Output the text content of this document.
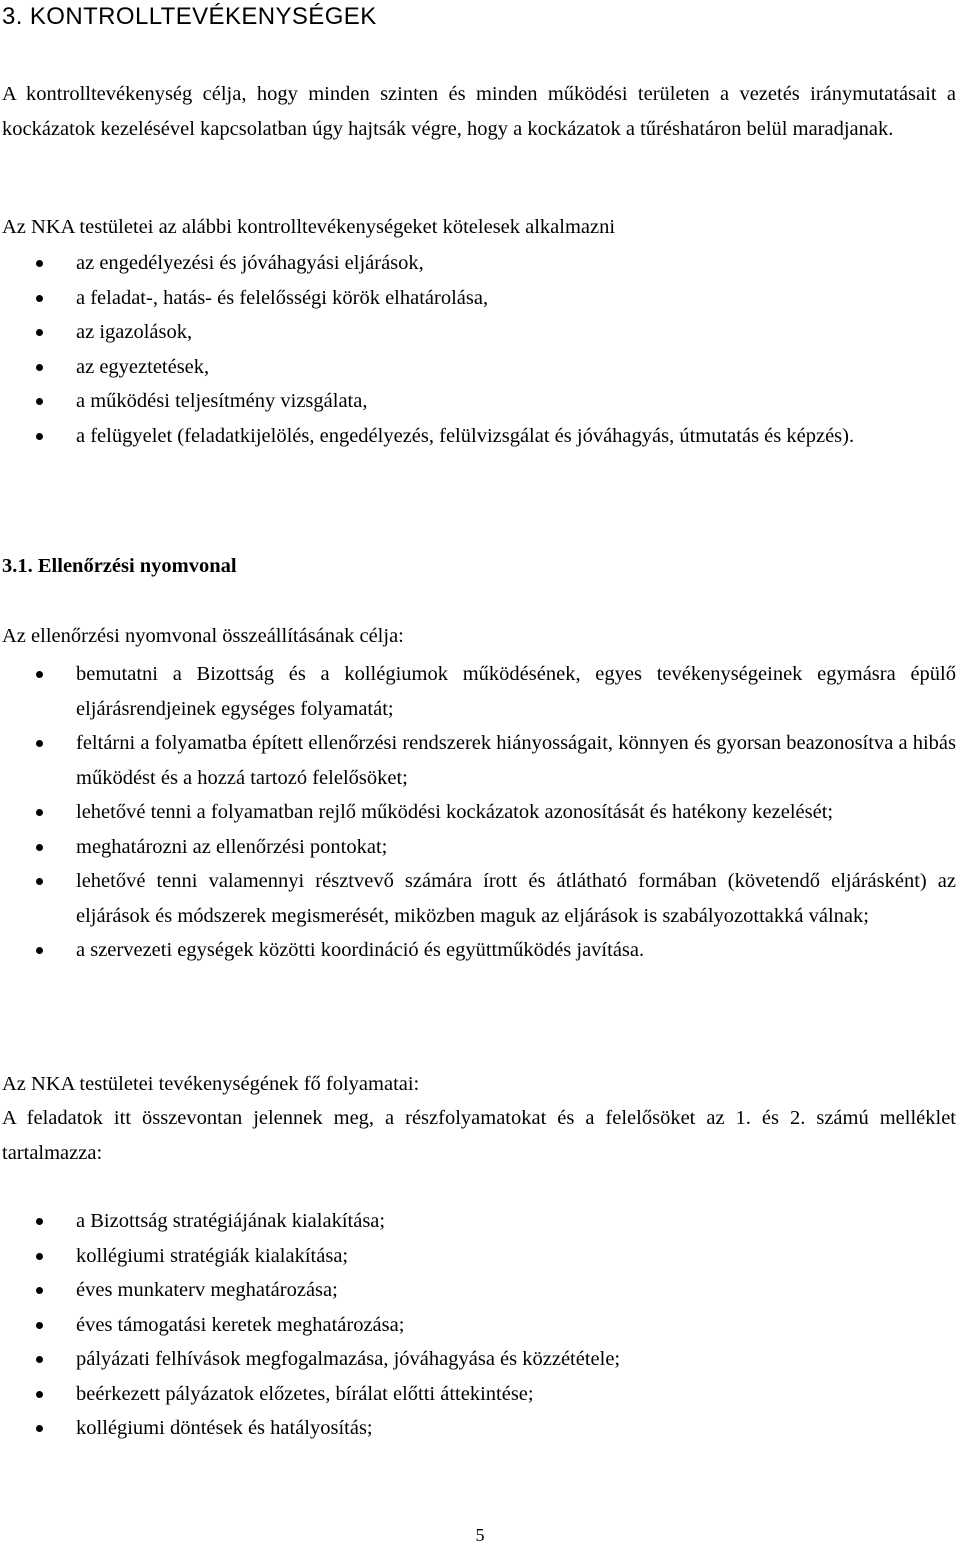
3. KONTROLLTEVÉKENYSÉGEK
A kontrolltevékenység célja, hogy minden szinten és minden működési területen a vezetés iránymutatásait a kockázatok kezelésével kapcsolatban úgy hajtsák végre, hogy a kockázatok a tűréshatáron belül maradjanak.
Az NKA testületei az alábbi kontrolltevékenységeket kötelesek alkalmazni
az engedélyezési és jóváhagyási eljárások,
a feladat-, hatás- és felelősségi körök elhatárolása,
az igazolások,
az egyeztetések,
a működési teljesítmény vizsgálata,
a felügyelet (feladatkijelölés, engedélyezés, felülvizsgálat és jóváhagyás, útmutatás és képzés).
3.1. Ellenőrzési nyomvonal
Az ellenőrzési nyomvonal összeállításának célja:
bemutatni a Bizottság és a kollégiumok működésének, egyes tevékenységeinek egymásra épülő eljárásrendjeinek egységes folyamatát;
feltárni a folyamatba épített ellenőrzési rendszerek hiányosságait, könnyen és gyorsan beazonosítva a hibás működést és a hozzá tartozó felelősöket;
lehetővé tenni a folyamatban rejlő működési kockázatok azonosítását és hatékony kezelését;
meghatározni az ellenőrzési pontokat;
lehetővé tenni valamennyi résztvevő számára írott és átlátható formában (követendő eljárásként) az eljárások és módszerek megismerését, miközben maguk az eljárások is szabályozottakká válnak;
a szervezeti egységek közötti koordináció és együttműködés javítása.
Az NKA testületei tevékenységének fő folyamatai:
A feladatok itt összevontan jelennek meg, a részfolyamatokat és a felelősöket az 1. és 2. számú melléklet tartalmazza:
a Bizottság stratégiájának kialakítása;
kollégiumi stratégiák kialakítása;
éves munkaterv meghatározása;
éves támogatási keretek meghatározása;
pályázati felhívások megfogalmazása, jóváhagyása és közzététele;
beérkezett pályázatok előzetes, bírálat előtti áttekintése;
kollégiumi döntések és hatályosítás;
5
